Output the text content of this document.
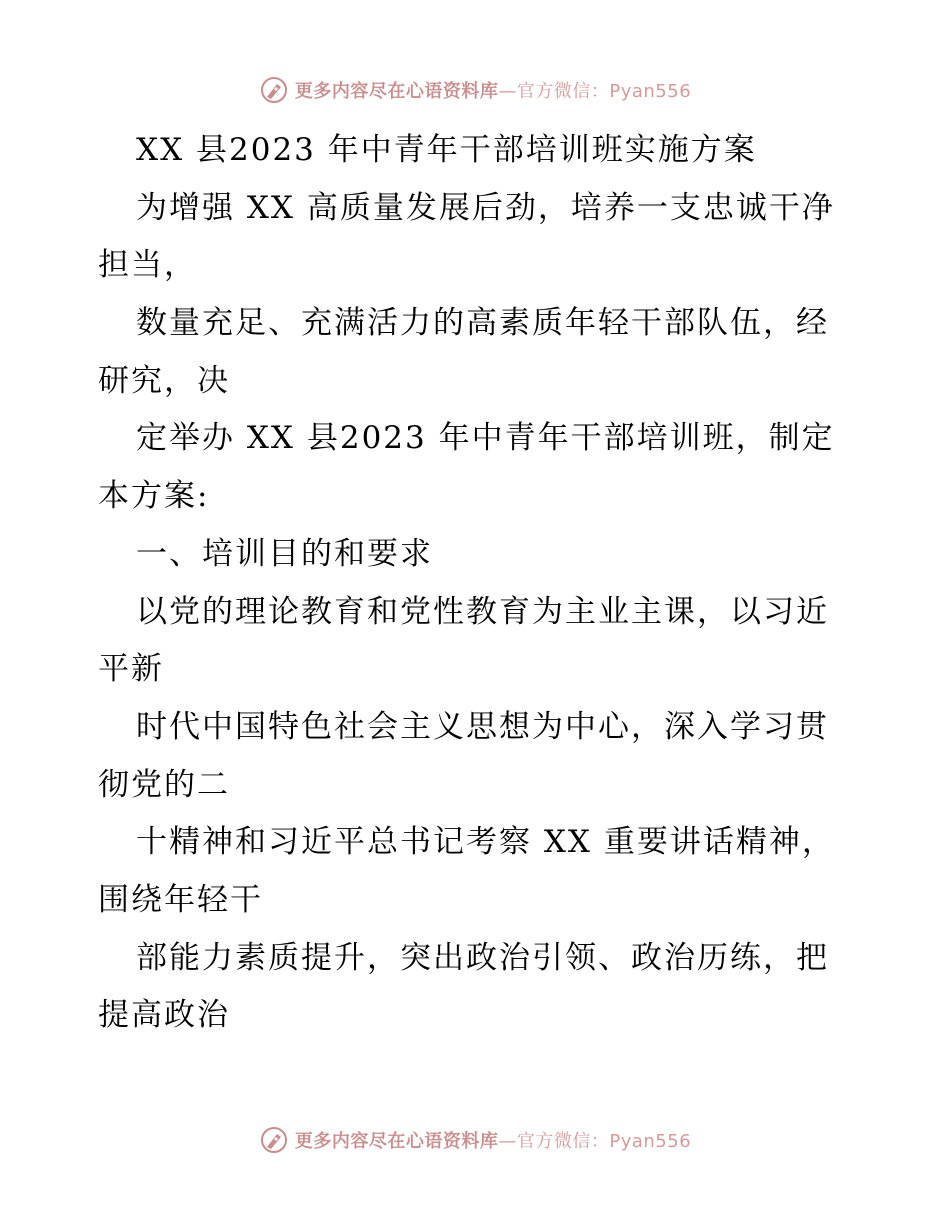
更多内容尽在心语资料库—官方微信：Pyan556
XX 县2023 年中青年干部培训班实施方案
为增强 XX 高质量发展后劲，培养一支忠诚干净
担当，
数量充足、充满活力的高素质年轻干部队伍，经
研究，决
定举办 XX 县2023 年中青年干部培训班，制定
本方案:
一、培训目的和要求
以党的理论教育和党性教育为主业主课，以习近
平新
时代中国特色社会主义思想为中心，深入学习贯
彻党的二
十精神和习近平总书记考察 XX 重要讲话精神，
围绕年轻干
部能力素质提升，突出政治引领、政治历练，把
提高政治
更多内容尽在心语资料库—官方微信：Pyan556
